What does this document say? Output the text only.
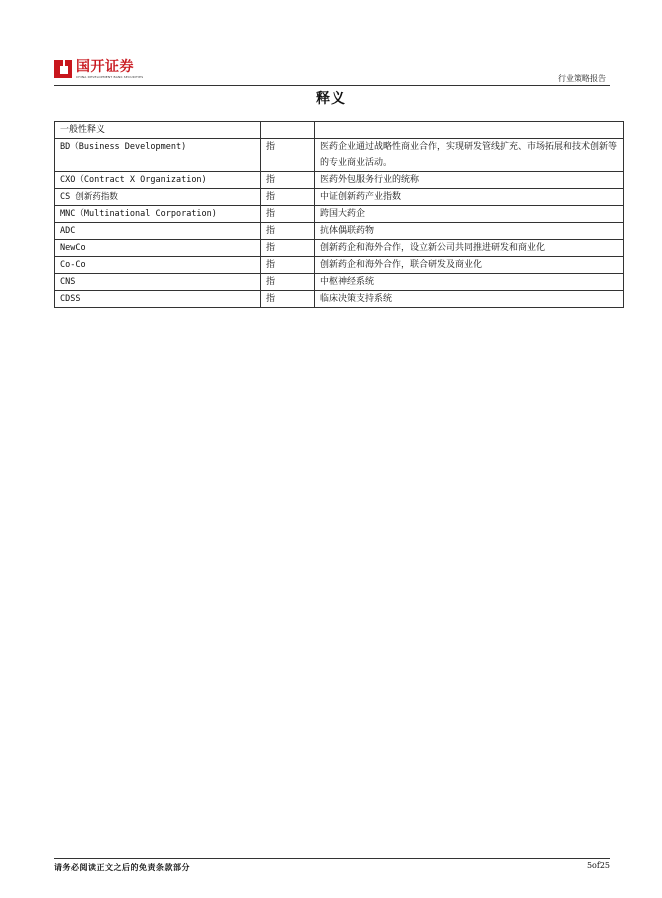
国开证券
CHINA DEVELOPMENT BANK SECURITIES	行业策略报告
释义
一般性释义		
BD（Business Development)	指	医药企业通过战略性商业合作，实现研发管线扩充、市场拓展和技术创新等的专业商业活动。
CXO（Contract X Organization)	指	医药外包服务行业的统称
CS 创新药指数	指	中证创新药产业指数
MNC（Multinational Corporation)	指	跨国大药企
ADC	指	抗体偶联药物
NewCo	指	创新药企和海外合作，设立新公司共同推进研发和商业化
Co-Co	指	创新药企和海外合作，联合研发及商业化
CNS	指	中枢神经系统
CDSS	指	临床决策支持系统
请务必阅读正文之后的免责条款部分	5of25
